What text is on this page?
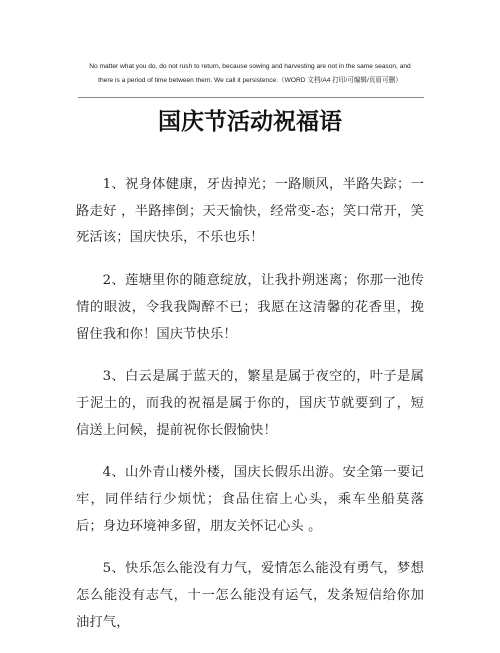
No matter what you do, do not rush to return, because sowing and harvesting are not in the same season, and
there is a period of time between them. We call it persistence.（WORD 文档/A4 打印/可编辑/页眉可删）
国庆节活动祝福语

1、祝身体健康，牙齿掉光；一路顺风，半路失踪；一路走好 ，半路摔倒；天天愉快，经常变-态；笑口常开，笑死活该；国庆快乐，不乐也乐！

2、莲塘里你的随意绽放，让我扑朔迷离；你那一池传情的眼波，令我我陶醉不已；我愿在这清馨的花香里，挽留住我和你！国庆节快乐！

3、白云是属于蓝天的，繁星是属于夜空的，叶子是属于泥土的，而我的祝福是属于你的，国庆节就要到了，短信送上问候，提前祝你长假愉快！

4、山外青山楼外楼，国庆长假乐出游。安全第一要记牢，同伴结行少烦忧；食品住宿上心头，乘车坐船莫落后；身边环境神多留，朋友关怀记心头 。

5、快乐怎么能没有力气，爱情怎么能没有勇气，梦想怎么能没有志气，十一怎么能没有运气，发条短信给你加油打气，
